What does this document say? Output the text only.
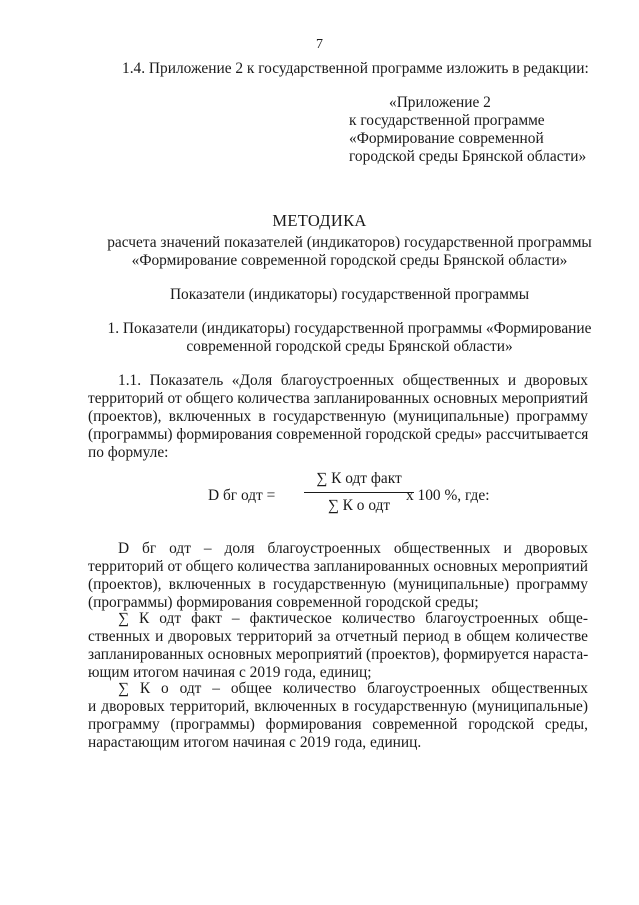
7
1.4. Приложение 2 к государственной программе изложить в редакции:
«Приложение 2
к государственной программе
«Формирование современной
городской среды Брянской области»
МЕТОДИКА
расчета значений показателей (индикаторов) государственной программы
«Формирование современной городской среды Брянской области»
Показатели (индикаторы) государственной программы
1. Показатели (индикаторы) государственной программы «Формирование
современной городской среды Брянской области»
1.1. Показатель «Доля благоустроенных общественных и дворовых
территорий от общего количества запланированных основных мероприятий
(проектов), включенных в государственную (муниципальные) программу
(программы) формирования современной городской среды» рассчитывается
по формуле:
D бг одт =
∑ К одт факт
∑ К о одт
х 100 %, где:
D бг одт – доля благоустроенных общественных и дворовых
территорий от общего количества запланированных основных мероприятий
(проектов), включенных в государственную (муниципальные) программу
(программы) формирования современной городской среды;
∑ К одт факт – фактическое количество благоустроенных обще-
ственных и дворовых территорий за отчетный период в общем количестве
запланированных основных мероприятий (проектов), формируется нараста-
ющим итогом начиная с 2019 года, единиц;
∑ К о одт – общее количество благоустроенных общественных
и дворовых территорий, включенных в государственную (муниципальные)
программу (программы) формирования современной городской среды,
нарастающим итогом начиная с 2019 года, единиц.
